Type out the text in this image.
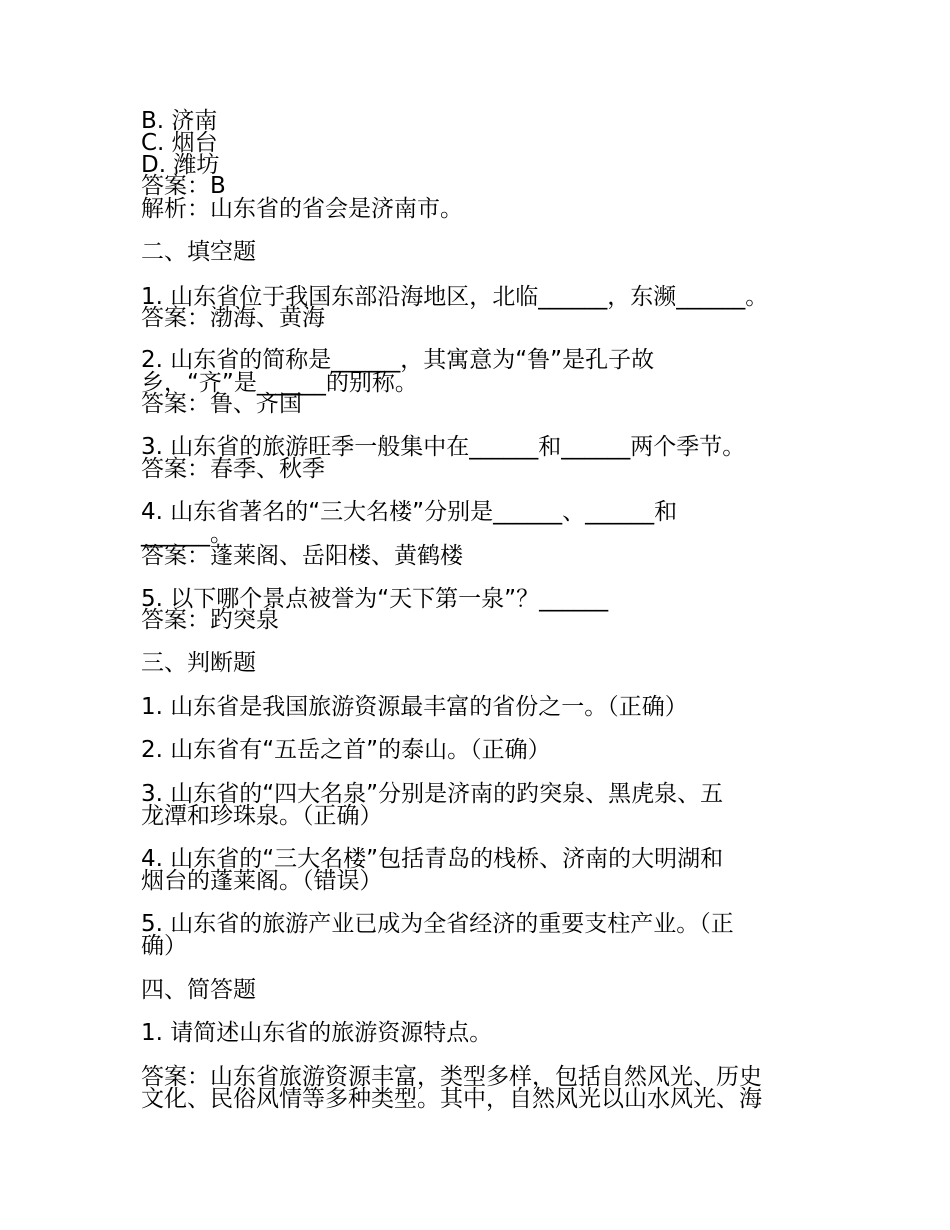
B. 济南
C. 烟台
D. 潍坊
答案：B
解析：山东省的省会是济南市。
二、填空题
1. 山东省位于我国东部沿海地区，北临______，东濒______。
答案：渤海、黄海
2. 山东省的简称是______，其寓意为“鲁”是孔子故
乡，“齐”是______的别称。
答案：鲁、齐国
3. 山东省的旅游旺季一般集中在______和______两个季节。
答案：春季、秋季
4. 山东省著名的“三大名楼”分别是______、______和
______。
答案：蓬莱阁、岳阳楼、黄鹤楼
5. 以下哪个景点被誉为“天下第一泉”？______
答案：趵突泉
三、判断题
1. 山东省是我国旅游资源最丰富的省份之一。（正确）
2. 山东省有“五岳之首”的泰山。（正确）
3. 山东省的“四大名泉”分别是济南的趵突泉、黑虎泉、五
龙潭和珍珠泉。（正确）
4. 山东省的“三大名楼”包括青岛的栈桥、济南的大明湖和
烟台的蓬莱阁。（错误）
5. 山东省的旅游产业已成为全省经济的重要支柱产业。（正
确）
四、简答题
1. 请简述山东省的旅游资源特点。
答案：山东省旅游资源丰富，类型多样，包括自然风光、历史
文化、民俗风情等多种类型。其中，自然风光以山水风光、海
